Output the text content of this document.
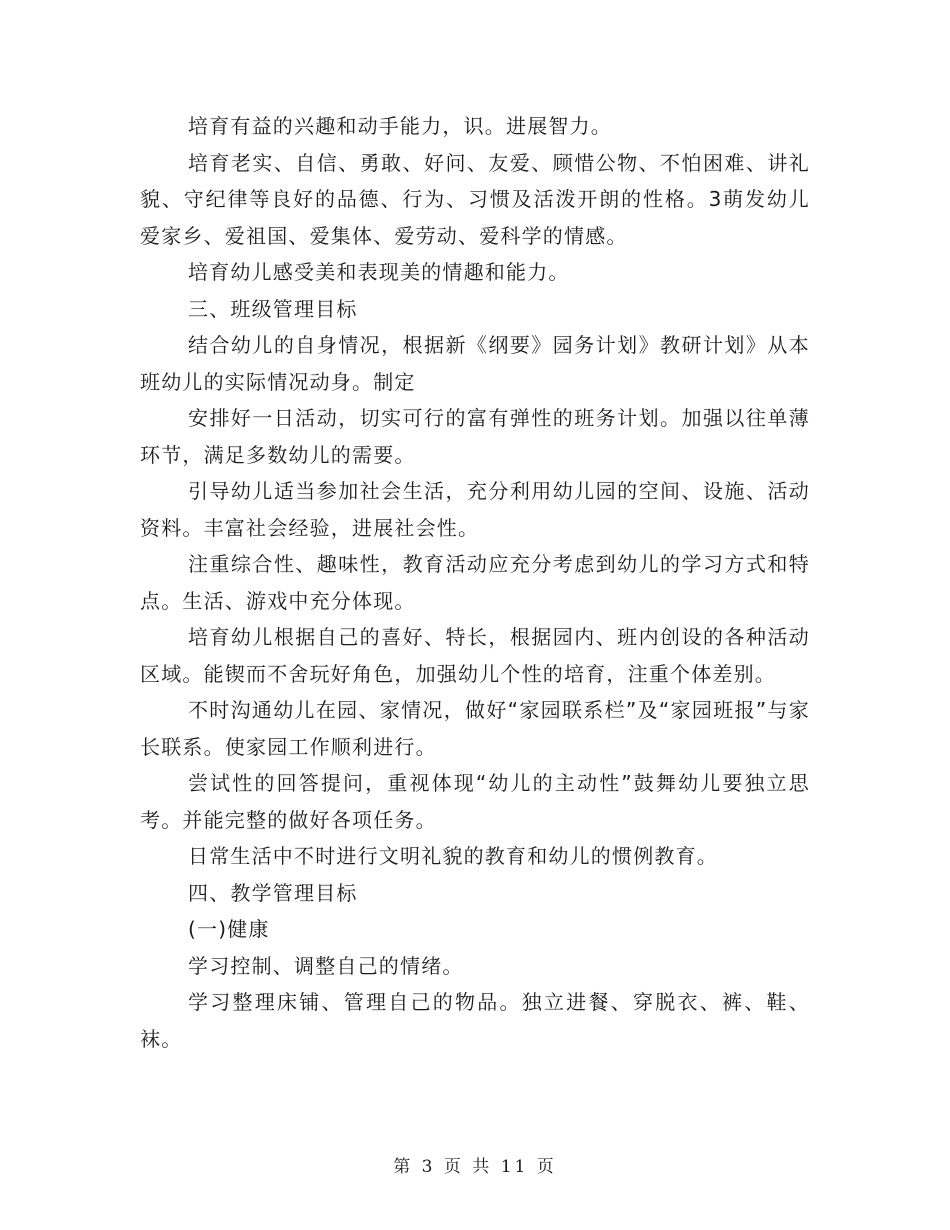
培育有益的兴趣和动手能力，识。进展智力。

培育老实、自信、勇敢、好问、友爱、顾惜公物、不怕困难、讲礼貌、守纪律等良好的品德、行为、习惯及活泼开朗的性格。3萌发幼儿爱家乡、爱祖国、爱集体、爱劳动、爱科学的情感。

培育幼儿感受美和表现美的情趣和能力。

三、班级管理目标

结合幼儿的自身情况，根据新《纲要》园务计划》教研计划》从本班幼儿的实际情况动身。制定

安排好一日活动，切实可行的富有弹性的班务计划。加强以往单薄环节，满足多数幼儿的需要。

引导幼儿适当参加社会生活，充分利用幼儿园的空间、设施、活动资料。丰富社会经验，进展社会性。

注重综合性、趣味性，教育活动应充分考虑到幼儿的学习方式和特点。生活、游戏中充分体现。

培育幼儿根据自己的喜好、特长，根据园内、班内创设的各种活动区域。能锲而不舍玩好角色，加强幼儿个性的培育，注重个体差别。

不时沟通幼儿在园、家情况，做好“家园联系栏”及“家园班报”与家长联系。使家园工作顺利进行。

尝试性的回答提问，重视体现“幼儿的主动性”鼓舞幼儿要独立思考。并能完整的做好各项任务。

日常生活中不时进行文明礼貌的教育和幼儿的惯例教育。

四、教学管理目标

(一)健康

学习控制、调整自己的情绪。

学习整理床铺、管理自己的物品。独立进餐、穿脱衣、裤、鞋、袜。

第 3 页 共 11 页
